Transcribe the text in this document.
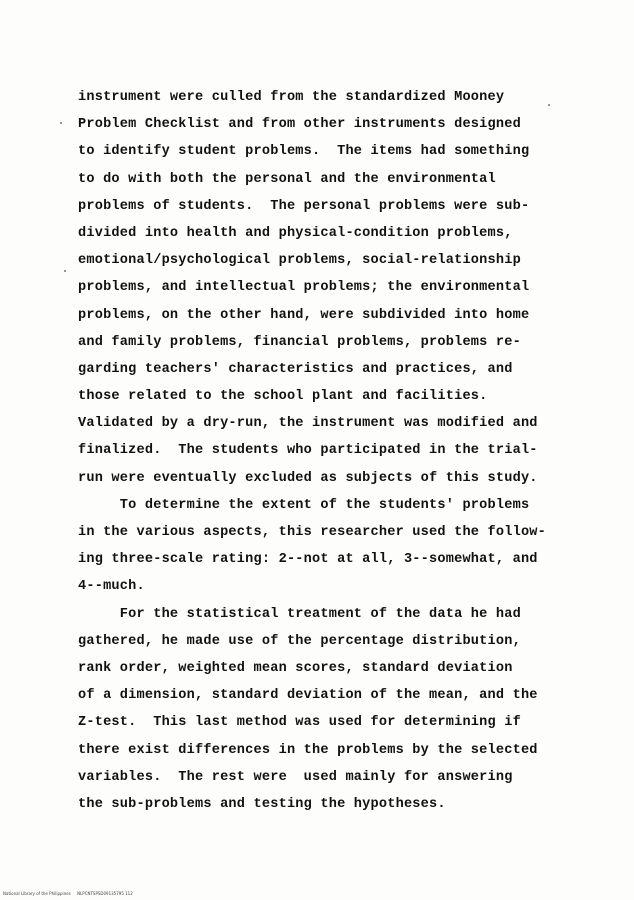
instrument were culled from the standardized Mooney
Problem Checklist and from other instruments designed
to identify student problems.  The items had something
to do with both the personal and the environmental
problems of students.  The personal problems were sub-
divided into health and physical-condition problems,
emotional/psychological problems, social-relationship
problems, and intellectual problems; the environmental
problems, on the other hand, were subdivided into home
and family problems, financial problems, problems re-
garding teachers' characteristics and practices, and
those related to the school plant and facilities.
Validated by a dry-run, the instrument was modified and
finalized.  The students who participated in the trial-
run were eventually excluded as subjects of this study.
To determine the extent of the students' problems
in the various aspects, this researcher used the follow-
ing three-scale rating: 2--not at all, 3--somewhat, and
4--much.
For the statistical treatment of the data he had
gathered, he made use of the percentage distribution,
rank order, weighted mean scores, standard deviation
of a dimension, standard deviation of the mean, and the
Z-test.  This last method was used for determining if
there exist differences in the problems by the selected
variables.  The rest were  used mainly for answering
the sub-problems and testing the hypotheses.
National Library of the Philippines     NLPCNTSPSD09135795 112
